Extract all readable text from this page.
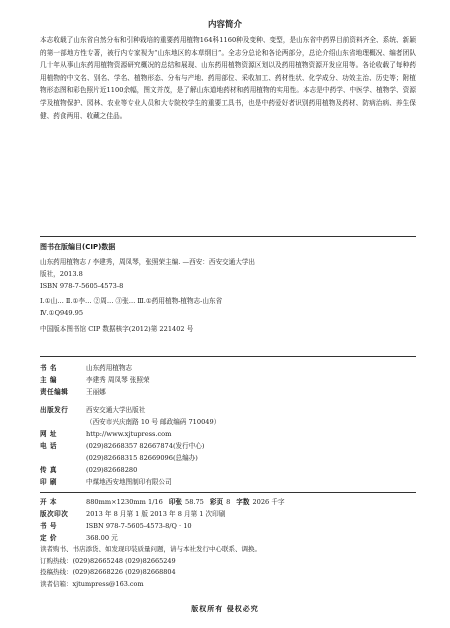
内容简介
本志收载了山东省自然分布和引种栽培的重要药用植物164科1160种及变种、变型，是山东省中药界目前资料齐全、系统、新颖的第一部地方性专著，被行内专家视为“山东地区的本草纲目”。全志分总论和各论两部分，总论介绍山东省地理概况、编者团队几十年从事山东药用植物资源研究概况的总结和展现、山东药用植物资源区划以及药用植物资源开发应用等。各论收载了每种药用植物的中文名、别名、学名、植物形态、分布与产地、药用部位、采收加工、药材性状、化学成分、功效主治、历史等；附植物形态图和彩色照片近1100余幅，图文并茂，是了解山东道地药材和药用植物的实用性。本志是中药学、中医学、植物学、资源学及植物保护、园林、农业等专业人员和大专院校学生的重要工具书，也是中药爱好者识别药用植物及药材、防病治病、养生保健、药食两用、收藏之佳品。
图书在版编目(CIP)数据

山东药用植物志 / 李建秀，周凤琴，张照荣主编. —西安：西安交通大学出

版社，2013.8

ISBN 978-7-5605-4573-8

Ⅰ.①山… Ⅱ.①李… ②周… ③张… Ⅲ.①药用植物-植物志-山东省

Ⅳ.①Q949.95

中国版本图书馆 CIP 数据核字(2012)第 221402 号

书 名	山东药用植物志
主 编	李建秀 周凤琴 张照荣
责任编辑	王丽娜
出版发行	西安交通大学出版社
（西安市兴庆南路 10 号 邮政编码 710049）
网 址	http://www.xjtupress.com
电 话	(029)82668357 82667874(发行中心)
(029)82668315 82669096(总编办)
传 真	(029)82668280
印 刷	中煤地西安地图制印有限公司
开 本	880mm×1230mm 1/16 印张 58.75 彩页 8 字数 2026 千字
版次印次	2013 年 8 月第 1 版 2013 年 8 月第 1 次印刷
书 号	ISBN 978-7-5605-4573-8/Q · 10
定 价	368.00 元

读者购书、书店添货、如发现印装质量问题，请与本社发行中心联系、调换。

订购热线：(029)82665248 (029)82665249

投稿热线：(029)82668226 (029)82668804

读者信箱：xjtumpress@163.com

版权所有 侵权必究
